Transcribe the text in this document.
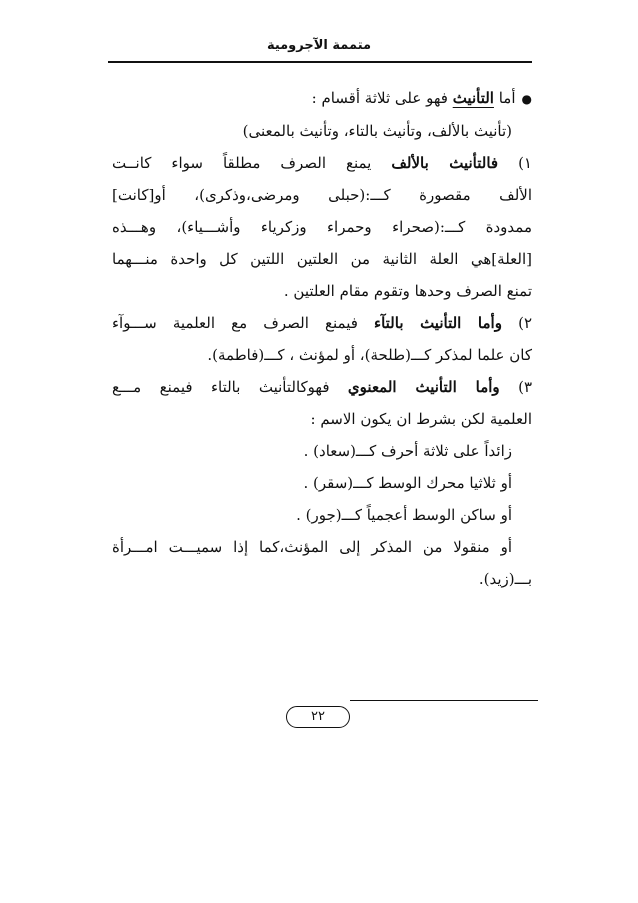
متممة الآجرومية

●أما التأنيث فهو على ثلاثة أقسام :

(تأنيث بالألف، وتأنيث بالتاء، وتأنيث بالمعنى)

١) فالتأنيث بالألف يمنع الصرف مطلقاً سواء كانــت

الألف مقصورة كـــ:(حبلى ومرضى،وذكرى)، أو[كانت]

ممدودة كـــ:(صحراء وحمراء وزكرياء وأشـــياء)، وهـــذه

[العلة]هي العلة الثانية من العلتين اللتين كل واحدة منـــهما

تمنع الصرف وحدها وتقوم مقام العلتين .

٢) وأما التأنيث بالتآء فيمنع الصرف مع العلمية ســـوآء

كان علما لمذكر كـــ(طلحة)، أو لمؤنث ، كـــ(فاطمة).

٣) وأما التأنيث المعنوي فهوكالتأنيث بالتاء فيمنع مـــع

العلمية لكن بشرط ان يكون الاسم :

زائداً على ثلاثة أحرف كـــ(سعاد) .

أو ثلاثيا محرك الوسط كـــ(سقر) .

أو ساكن الوسط أعجمياً كـــ(جور) .

أو منقولا من المذكر إلى المؤنث،كما إذا سميـــت امـــرأة

بـــ(زيد).

٢٢
